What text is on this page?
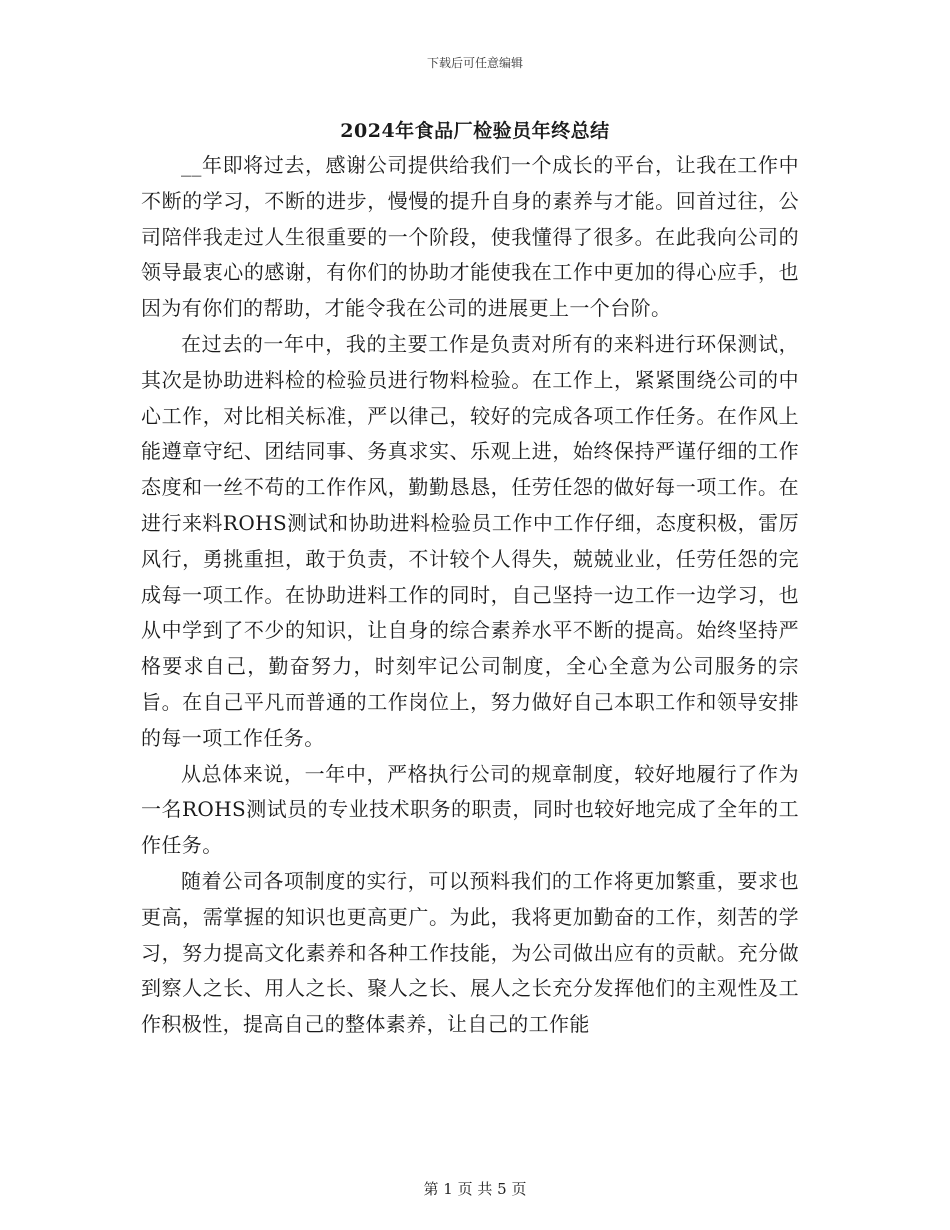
下载后可任意编辑
2024年食品厂检验员年终总结

__年即将过去，感谢公司提供给我们一个成长的平台，让我在工作中不断的学习，不断的进步，慢慢的提升自身的素养与才能。回首过往，公司陪伴我走过人生很重要的一个阶段，使我懂得了很多。在此我向公司的领导最衷心的感谢，有你们的协助才能使我在工作中更加的得心应手，也因为有你们的帮助，才能令我在公司的进展更上一个台阶。

在过去的一年中，我的主要工作是负责对所有的来料进行环保测试，其次是协助进料检的检验员进行物料检验。在工作上，紧紧围绕公司的中心工作，对比相关标准，严以律己，较好的完成各项工作任务。在作风上能遵章守纪、团结同事、务真求实、乐观上进，始终保持严谨仔细的工作态度和一丝不苟的工作作风，勤勤恳恳，任劳任怨的做好每一项工作。在进行来料ROHS测试和协助进料检验员工作中工作仔细，态度积极，雷厉风行，勇挑重担，敢于负责，不计较个人得失，兢兢业业，任劳任怨的完成每一项工作。在协助进料工作的同时，自己坚持一边工作一边学习，也从中学到了不少的知识，让自身的综合素养水平不断的提高。始终坚持严格要求自己，勤奋努力，时刻牢记公司制度，全心全意为公司服务的宗旨。在自己平凡而普通的工作岗位上，努力做好自己本职工作和领导安排的每一项工作任务。

从总体来说，一年中，严格执行公司的规章制度，较好地履行了作为一名ROHS测试员的专业技术职务的职责，同时也较好地完成了全年的工作任务。

随着公司各项制度的实行，可以预料我们的工作将更加繁重，要求也更高，需掌握的知识也更高更广。为此，我将更加勤奋的工作，刻苦的学习，努力提高文化素养和各种工作技能，为公司做出应有的贡献。充分做到察人之长、用人之长、聚人之长、展人之长充分发挥他们的主观性及工作积极性，提高自己的整体素养，让自己的工作能

第 1 页 共 5 页
